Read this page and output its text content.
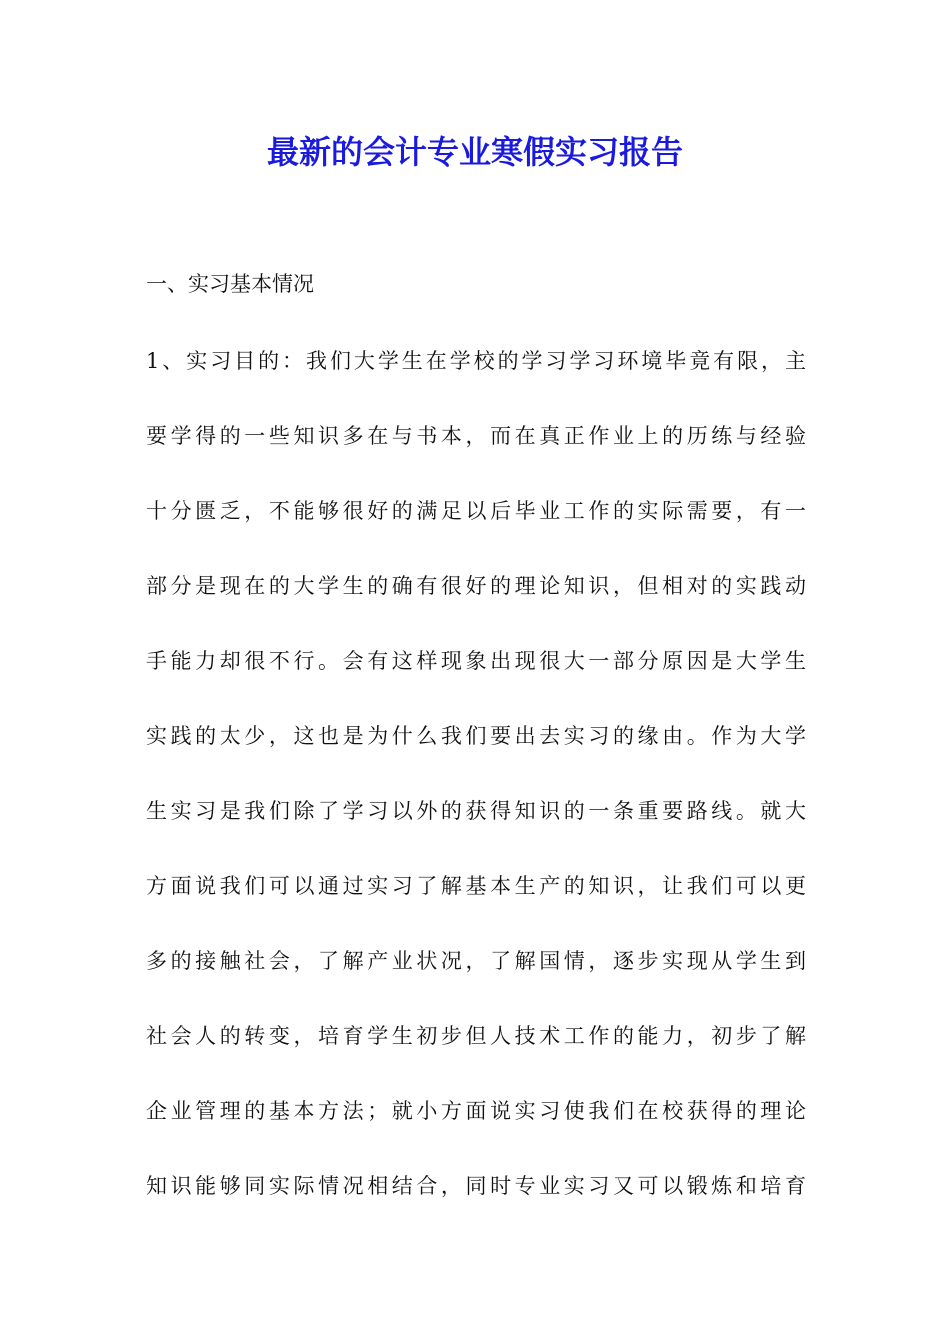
最新的会计专业寒假实习报告

一、实习基本情况

1、实习目的：我们大学生在学校的学习学习环境毕竟有限，主
要学得的一些知识多在与书本，而在真正作业上的历练与经验
十分匮乏，不能够很好的满足以后毕业工作的实际需要，有一
部分是现在的大学生的确有很好的理论知识，但相对的实践动
手能力却很不行。会有这样现象出现很大一部分原因是大学生
实践的太少，这也是为什么我们要出去实习的缘由。作为大学
生实习是我们除了学习以外的获得知识的一条重要路线。就大
方面说我们可以通过实习了解基本生产的知识，让我们可以更
多的接触社会，了解产业状况，了解国情，逐步实现从学生到
社会人的转变，培育学生初步但人技术工作的能力，初步了解
企业管理的基本方法；就小方面说实习使我们在校获得的理论
知识能够同实际情况相结合，同时专业实习又可以锻炼和培育
